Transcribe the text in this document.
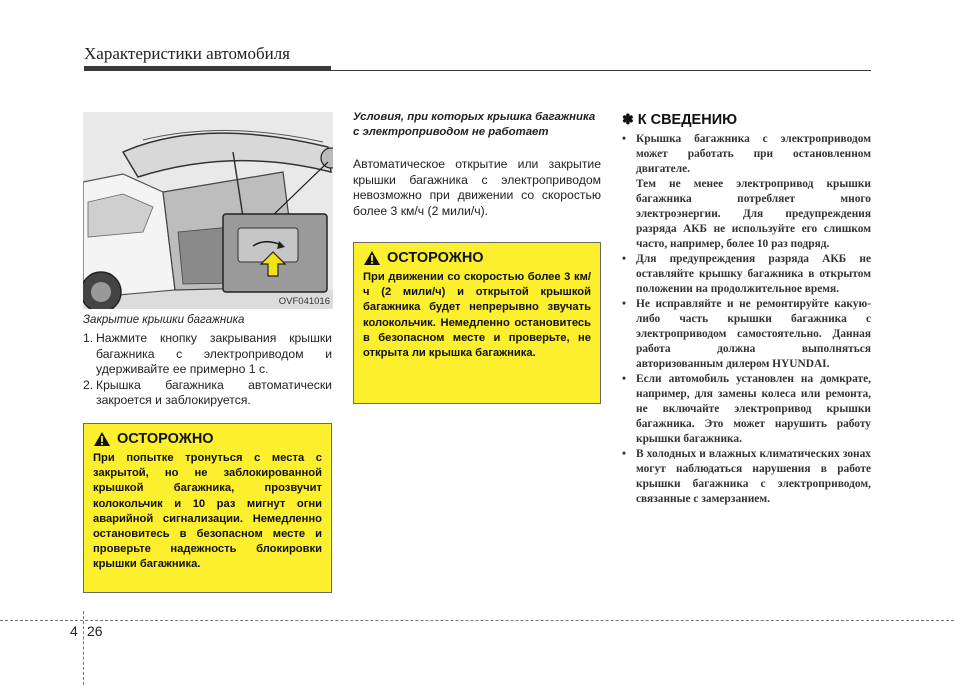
Характеристики автомобиля
OVF041016
Закрытие крышки багажника
1. Нажмите кнопку закрывания крышки багажника с электроприводом и удерживайте ее примерно 1 с.
2. Крышка багажника автоматически закроется и заблокируется.
ОСТОРОЖНО
При попытке тронуться с места с закрытой, но не заблокированной крышкой багажника, прозвучит колокольчик и 10 раз мигнут огни аварийной сигнализации. Немедленно остановитесь в безопасном месте и проверьте надежность блокировки крышки багажника.
Условия, при которых крышка багажника с электроприводом не работает
Автоматическое открытие или закрытие крышки багажника с электроприводом невозможно при движении со скоростью более 3 км/ч (2 мили/ч).
ОСТОРОЖНО
При движении со скоростью более 3 км/ч (2 мили/ч) и открытой крышкой багажника будет непрерывно звучать колокольчик. Немедленно остановитесь в безопасном месте и проверьте, не открыта ли крышка багажника.
✽ К СВЕДЕНИЮ
• Крышка багажника с электроприводом может работать при остановленном двигателе.
Тем не менее электропривод крышки багажника потребляет много электроэнергии. Для предупреждения разряда АКБ не используйте его слишком часто, например, более 10 раз подряд.
• Для предупреждения разряда АКБ не оставляйте крышку багажника в открытом положении на продолжительное время.
• Не исправляйте и не ремонтируйте какую-либо часть крышки багажника с электроприводом самостоятельно. Данная работа должна выполняться авторизованным дилером HYUNDAI.
• Если автомобиль установлен на домкрате, например, для замены колеса или ремонта, не включайте электропривод крышки багажника. Это может нарушить работу крышки багажника.
• В холодных и влажных климатических зонах могут наблюдаться нарушения в работе крышки багажника с электроприводом, связанные с замерзанием.
4 26
